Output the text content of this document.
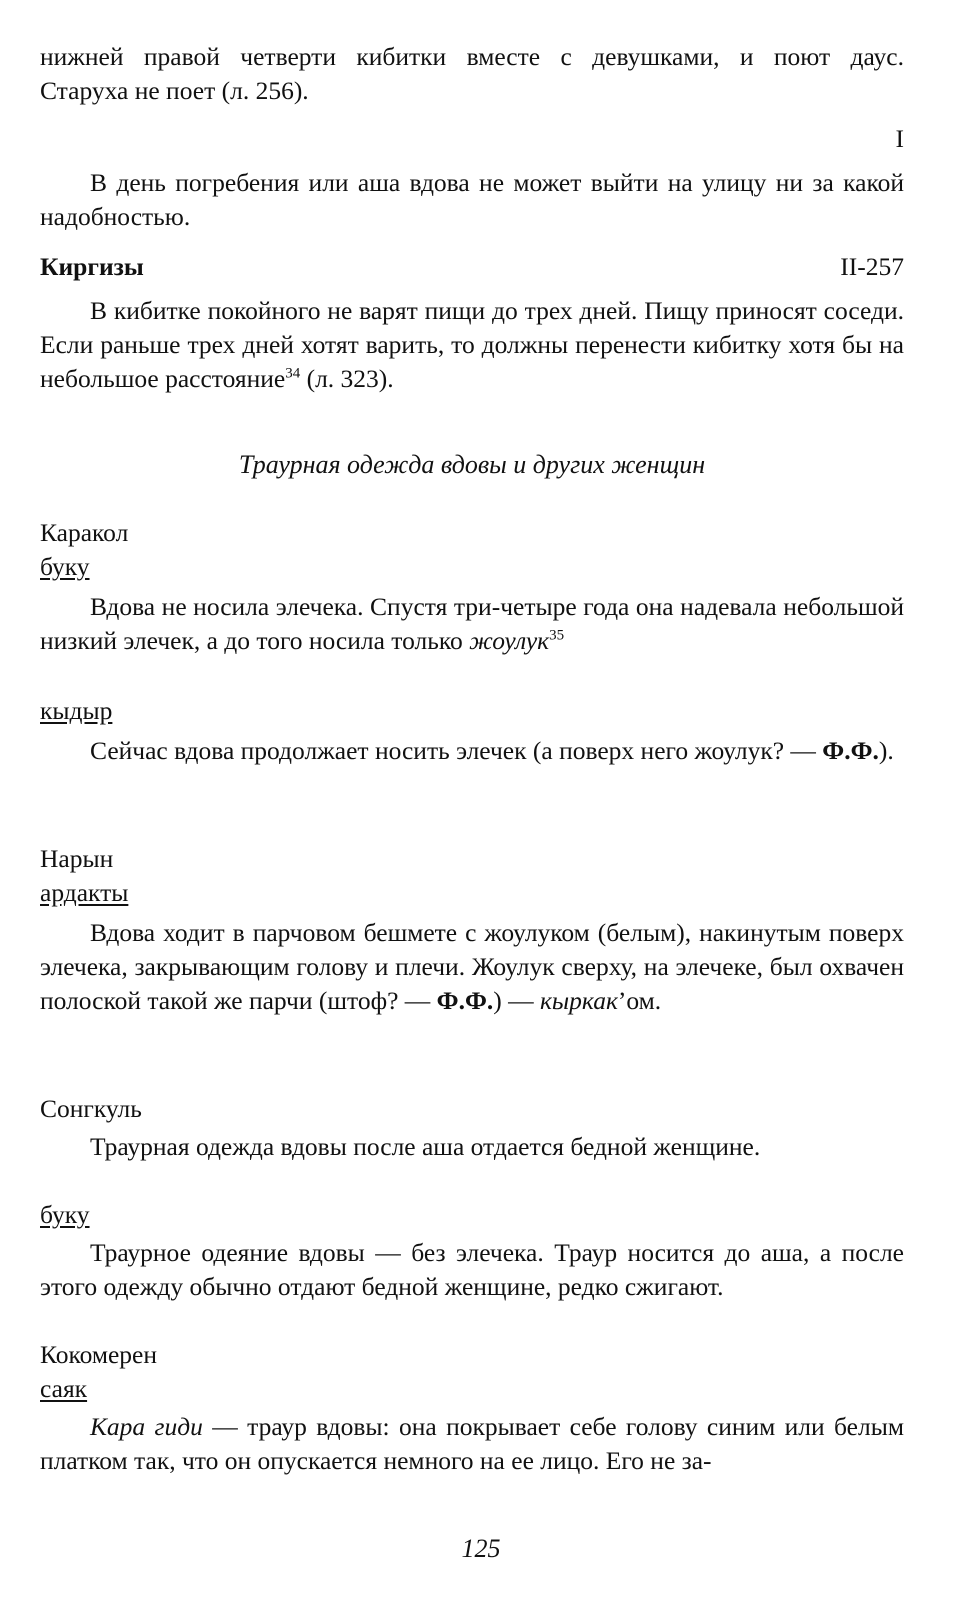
нижней правой четверти кибитки вместе с девушками, и поют даус.

Старуха не поет (л. 256).

I

В день погребения или аша вдова не может выйти на улицу ни за какой надобностью.

Киргизы	II-257

В кибитке покойного не варят пищи до трех дней. Пищу приносят соседи. Если раньше трех дней хотят варить, то должны перенести кибитку хотя бы на небольшое расстояние$^{34}$ (л. 323).

Траурная одежда вдовы и других женщин

Каракол

буку

Вдова не носила элечека. Спустя три-четыре года она надевала небольшой низкий элечек, а до того носила только жоулук$^{35}$

кыдыр

Сейчас вдова продолжает носить элечек (а поверх него жоулук? — Ф.Ф.).

Нарын

ардакты

Вдова ходит в парчовом бешмете с жоулуком (белым), накинутым поверх элечека, закрывающим голову и плечи. Жоулук сверху, на элечеке, был охвачен полоской такой же парчи (штоф? — Ф.Ф.) — кыркак’ом.

Сонгкуль

Траурная одежда вдовы после аша отдается бедной женщине.

буку

Траурное одеяние вдовы — без элечека. Траур носится до аша, а после этого одежду обычно отдают бедной женщине, редко сжигают.

Кокомерен

саяк

Кара гиди — траур вдовы: она покрывает себе голову синим или белым платком так, что он опускается немного на ее лицо. Его не за-

125
